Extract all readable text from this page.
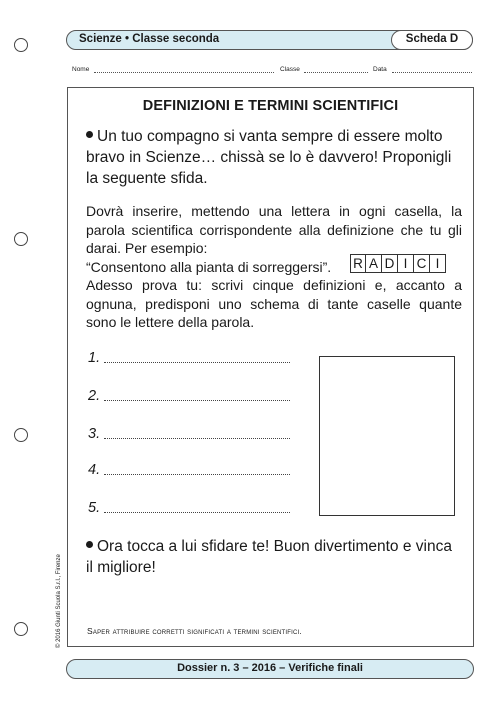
Scienze • Classe seconda	Scheda D
Nome	Classe	Data
DEFINIZIONI E TERMINI SCIENTIFICI
Un tuo compagno si vanta sempre di essere molto bravo in Scienze… chissà se lo è davvero! Proponigli la seguente sfida.
Dovrà inserire, mettendo una lettera in ogni casella, la parola scientifica corrispondente alla definizione che tu gli darai. Per esempio:
“Consentono alla pianta di sorreggersi”.
Adesso prova tu: scrivi cinque definizioni e, accanto a ognuna, predisponi uno schema di tante caselle quante sono le lettere della parola.
R A D I C I
1.
2.
3.
4.
5.
Ora tocca a lui sfidare te! Buon divertimento e vinca il migliore!
Saper attribuire corretti significati a termini scientifici.
© 2016 Giunti Scuola S.r.l., Firenze
Dossier n. 3 – 2016 – Verifiche finali
